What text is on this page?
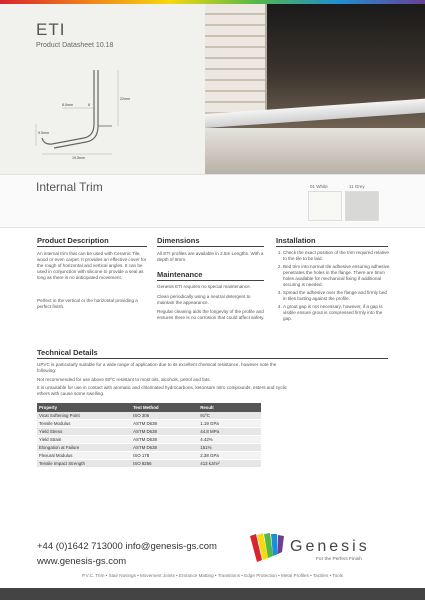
ETI
Product Datasheet 10.18
22mm
8.0mm	8
9.5mm
19.5mm
Internal Trim	01 White	11 Grey
Product Description

An internal trim that can be used with Ceramic Tile, wood or even carpet. It provides an effective cover for the rough of horizontal and vertical angles. It can be used in conjunction with silicone to provide a seal as long as there is no anticipated movement.

Perfect in the vertical or the horizontal providing a perfect finish.

Dimensions

All ETI profiles are available in 2.5m Lengths. With a depth of 9mm.

Maintenance

Genesis ETI requires no special maintenance.

Clean periodically using a neutral detergent to maintain the appearance.

Regular cleaning aids the longevity of the profile and ensures there is no corrosion that could affect safety.

Installation
1. Check the exact position of the trim required relative to the tile to be laid.
2. Bed trim into normal tile adhesive ensuring adhesive penetrates the holes in the flange. There are 5mm holes available for mechanical fixing if additional securing is needed.
3. Spread the adhesive over the flange and firmly bed in tiles butting against the profile.
4. A grout gap is not necessary, however, if a gap is visible ensure grout is compressed firmly into the gap.
Technical Details

UPVC is particularly suitable for a wide range of application due to its excellent chemical resistance, however note the following:

Not recommended for use above 60ºC resistant to most oils, alcohols, petrol and fats.

It is unsuitable for use in contact with aromatic and chlorinated hydrocarbons, ketonsam nitro compounds, esters and cyclic ethers with cause some swelling.

Property	Test Method	Result
Vicat Softening Point	ISO 306	91ºC
Tensile Modulus	ASTM D638	1.19 GPa
Yield Stress	ASTM D638	44.8 MPa
Yield Strain	ASTM D638	4.42%
Elongation at Failure	ASTM D638	151%
Flexural Modulus	ISO 178	2.38 GPa
Tensile Impact Strength	ISO 8256	413 kJ/m²
+44 (0)1642 713000 info@genesis-gs.com
www.genesis-gs.com
Genesis
For the Perfect Finish
P.V.C. Trim • Stair Nosings • Movement Joints • Entrance Matting • Transitions • Edge Protection • Metal Profiles • Tactiles • Tools
